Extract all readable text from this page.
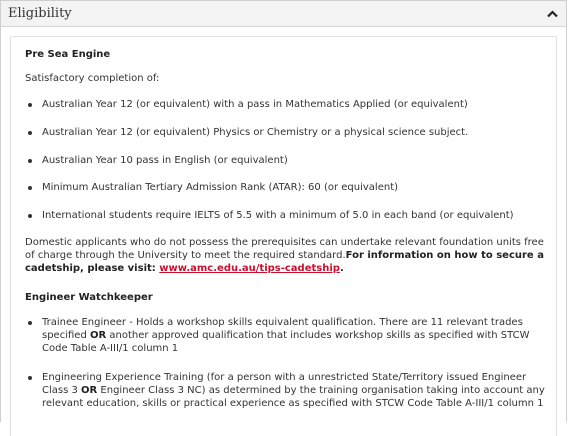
Eligibility
Pre Sea Engine
Satisfactory completion of:
Australian Year 12 (or equivalent) with a pass in Mathematics Applied (or equivalent)
Australian Year 12 (or equivalent) Physics or Chemistry or a physical science subject.
Australian Year 10 pass in English (or equivalent)
Minimum Australian Tertiary Admission Rank (ATAR): 60 (or equivalent)
International students require IELTS of 5.5 with a minimum of 5.0 in each band (or equivalent)
Domestic applicants who do not possess the prerequisites can undertake relevant foundation units free of charge through the University to meet the required standard.For information on how to secure a cadetship, please visit: www.amc.edu.au/tips-cadetship.
Engineer Watchkeeper
Trainee Engineer - Holds a workshop skills equivalent qualification. There are 11 relevant trades specified OR another approved qualification that includes workshop skills as specified with STCW Code Table A-III/1 column 1
Engineering Experience Training (for a person with a unrestricted State/Territory issued Engineer Class 3 OR Engineer Class 3 NC) as determined by the training organisation taking into account any relevant education, skills or practical experience as specified with STCW Code Table A-III/1 column 1
